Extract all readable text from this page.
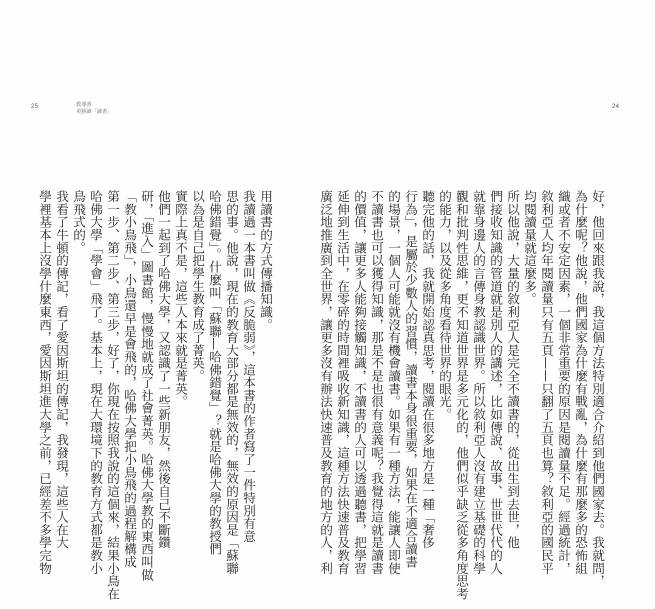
25	24
教導書
更勝讀「讀書」
好，他回來跟我說，我這個方法特別適合介紹到他們國家去。我就問，
為什麼呢？他說，他們國家為什麼有戰亂，為什麼有那麼多的恐怖組
織或者不安定因素，一個非常重要的原因是閱讀量不足。經過統計，
敘利亞人均年閱讀量只有五頁——只翻了五頁也算？敘利亞的國民平
均閱讀量就這麼多。
所以他說，大量的敘利亞人是完全不讀書的，從出生到去世，他
們接收知識的管道就是別人的講述，比如傳說、故事、世世代代的人
就靠身邊人的言傳身教認識世界。所以敘利亞人沒有建立基礎的科學
觀和批判性思維，更不知道世界是多元化的，他們似乎缺乏從多角度思考
的能力，以及從多角度看待世界的眼光。
聽完他的話，我就開始認真思考，閱讀在很多地方是一種「奢侈
行為」，是屬於少數人的習慣，讀書本身很重要，如果在不適合讀書
的場景，一個人可能就沒有機會讀書。如果有一種方法，能讓人即使
不讀書也可以獲得知識，那是不是也很有意義呢？我覺得這就是讀書
的價值，讓更多人能夠接觸知識，不讀書的人可以透過聽書，把學習
延伸到生活中，在零碎的時間裡吸收新知識，這種方法快速普及教育
廣泛地推廣到全世界，讓更多沒有辦法快速普及教育的地方的人，利
用讀書的方式傳播知識。
我讀過一本書叫做《反脆弱》，這本書的作者寫了一件特別有意
思的事。他說，現在的教育大部分都是無效的，無效的原因是「蘇聯
哈佛錯覺」。什麼叫「蘇聯—哈佛錯覺」？就是哈佛大學的教授們
以為是自己把學生教育成了菁英。
實際上真不是，這些人本來就是菁英。
他們一起到了哈佛大學，又認識了一些新朋友，然後自己不斷鑽
研，「進入」圖書館，慢慢地就成了社會菁英。哈佛大學教的東西叫做
「教小鳥飛」，小鳥還早是會飛的，哈佛大學把小鳥飛的過程解構成
第一步、第二步、第三步，好了，你現在按照我說的這個來，結果小鳥在
哈佛大學「學會」飛了。基本上，現在大環境下的教育方式都是教小
鳥飛式的。
我看了牛頓的傳記，看了愛因斯坦的傳記，我發現，這些人在大
學裡基本上沒學什麼東西，愛因斯坦進大學之前，已經差不多學完物
